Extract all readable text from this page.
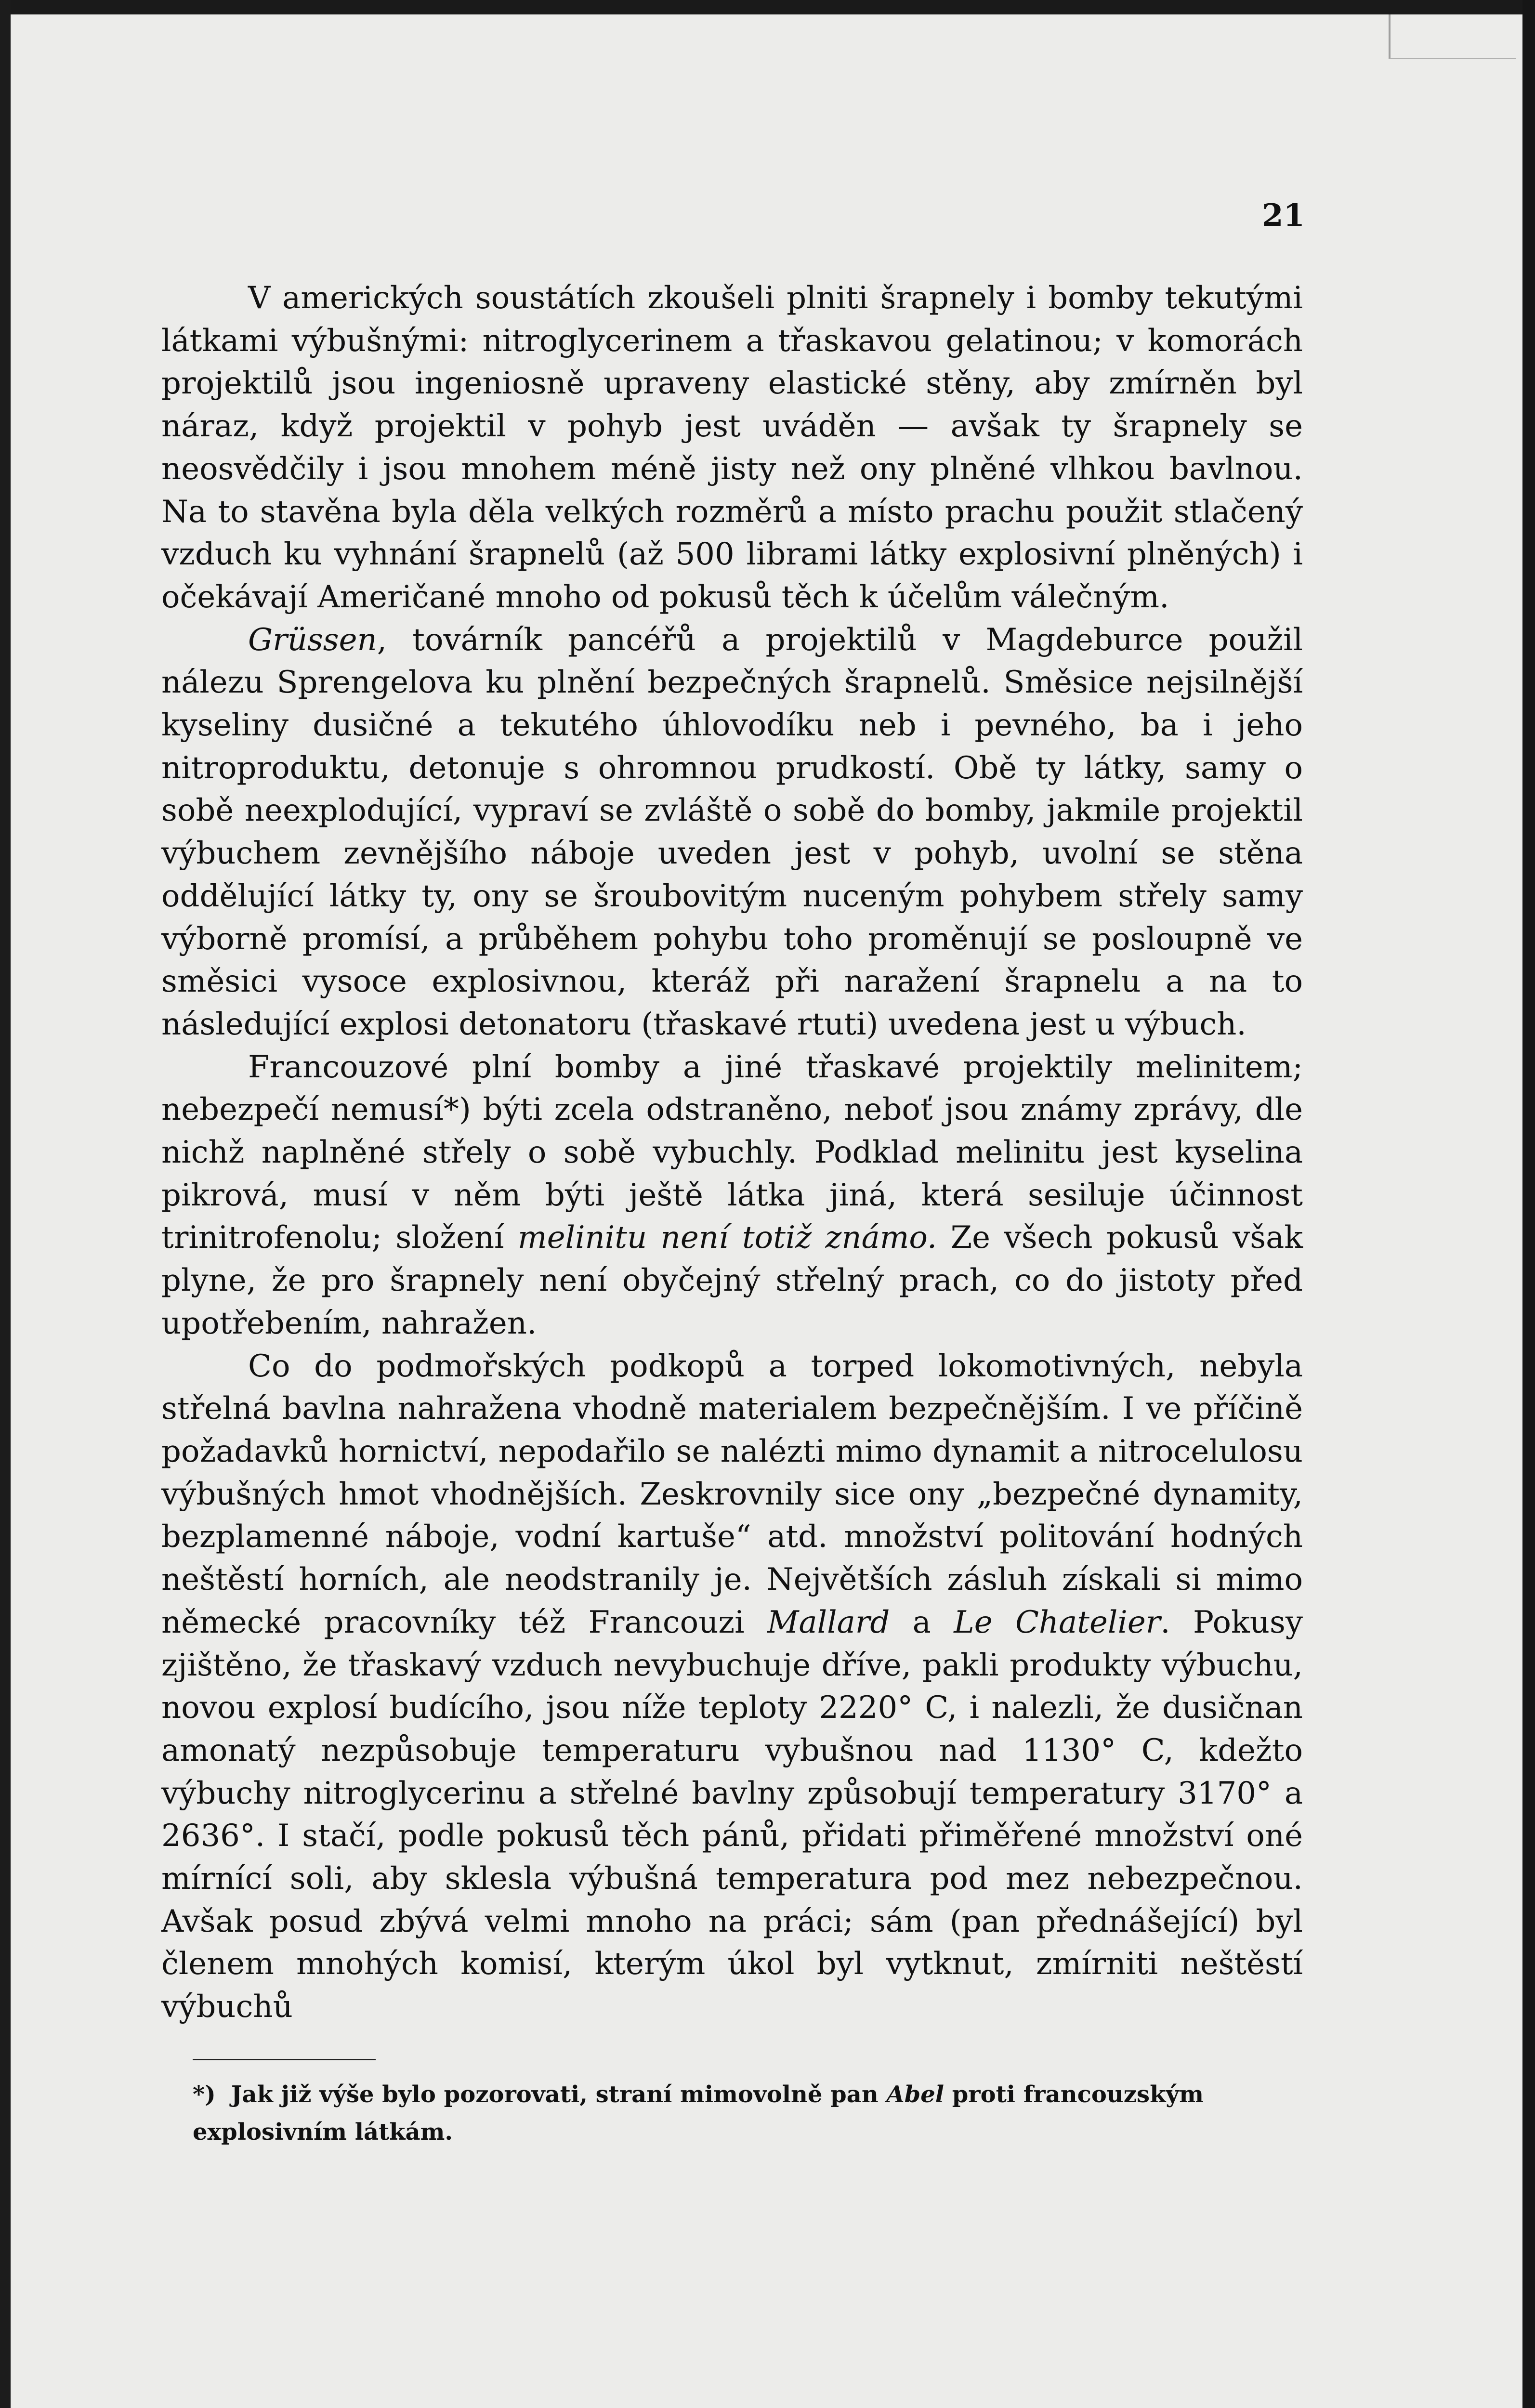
21

V amerických soustátích zkoušeli plniti šrapnely i bomby tekutými látkami výbušnými: nitroglycerinem a třaskavou gelatinou; v komorách projektilů jsou ingeniosně upraveny elastické stěny, aby zmírněn byl náraz, když projektil v pohyb jest uváděn — avšak ty šrapnely se neosvědčily i jsou mnohem méně jisty než ony plněné vlhkou bavlnou. Na to stavěna byla děla velkých rozměrů a místo prachu použit stlačený vzduch ku vyhnání šrapnelů (až 500 librami látky explosivní plněných) i očekávají Američané mnoho od pokusů těch k účelům válečným.

Grüssen, továrník pancéřů a projektilů v Magdeburce použil nálezu Sprengelova ku plnění bezpečných šrapnelů. Směsice nejsilnější kyseliny dusičné a tekutého úhlovodíku neb i pevného, ba i jeho nitroproduktu, detonuje s ohromnou prudkostí. Obě ty látky, samy o sobě neexplodující, vypraví se zvláště o sobě do bomby, jakmile projektil výbuchem zevnějšího náboje uveden jest v pohyb, uvolní se stěna oddělující látky ty, ony se šroubovitým nuceným pohybem střely samy výborně promísí, a průběhem pohybu toho proměnují se posloupně ve směsici vysoce explosivnou, kteráž při naražení šrapnelu a na to následující explosi detonatoru (třaskavé rtuti) uvedena jest u výbuch.

Francouzové plní bomby a jiné třaskavé projektily melinitem; nebezpečí nemusí*) býti zcela odstraněno, neboť jsou známy zprávy, dle nichž naplněné střely o sobě vybuchly. Podklad melinitu jest kyselina pikrová, musí v něm býti ještě látka jiná, která sesiluje účinnost trinitrofenolu; složení melinitu není totiž známo. Ze všech pokusů však plyne, že pro šrapnely není obyčejný střelný prach, co do jistoty před upotřebením, nahražen.

Co do podmořských podkopů a torped lokomotivných, nebyla střelná bavlna nahražena vhodně materialem bezpečnějším. I ve příčině požadavků hornictví, nepodařilo se nalézti mimo dynamit a nitrocelulosu výbušných hmot vhodnějších. Zeskrovnily sice ony „bezpečné dynamity, bezplamenné náboje, vodní kartuše“ atd. množství politování hodných neštěstí horních, ale neodstranily je. Největších zásluh získali si mimo německé pracovníky též Francouzi Mallard a Le Chatelier. Pokusy zjištěno, že třaskavý vzduch nevybuchuje dříve, pakli produkty výbuchu, novou explosí budícího, jsou níže teploty 2220° C, i nalezli, že dusičnan amonatý nezpůsobuje temperaturu vybušnou nad 1130° C, kdežto výbuchy nitroglycerinu a střelné bavlny způsobují temperatury 3170° a 2636°. I stačí, podle pokusů těch pánů, přidati přiměřené množství oné mírnící soli, aby sklesla výbušná temperatura pod mez nebezpečnou. Avšak posud zbývá velmi mnoho na práci; sám (pan přednášející) byl členem mnohých komisí, kterým úkol byl vytknut, zmírniti neštěstí výbuchů

*) Jak již výše bylo pozorovati, straní mimovolně pan Abel proti francouzským explosivním látkám.
